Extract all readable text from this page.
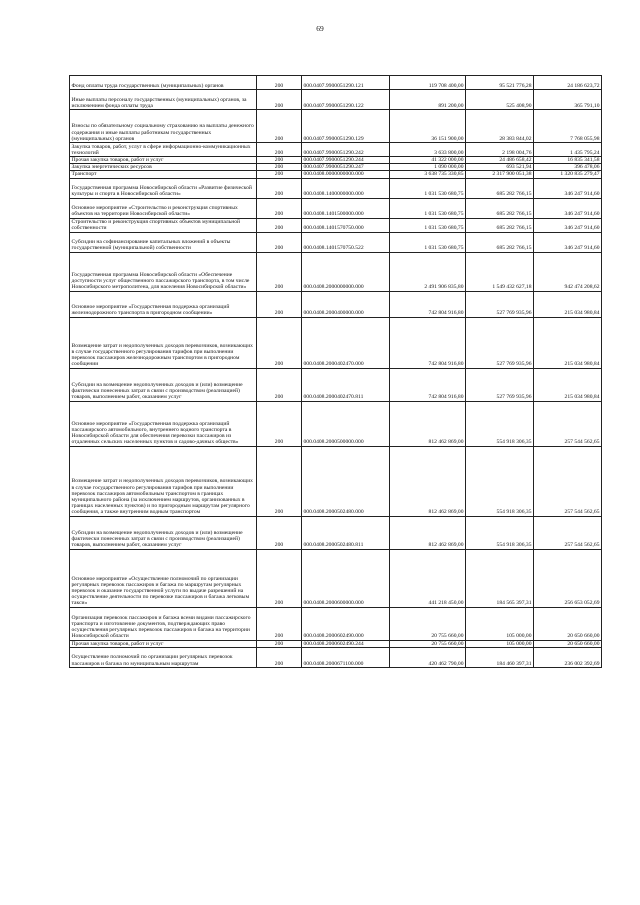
69
Фонд оплаты труда государственных (муниципальных) органов	200	000.0407.9900051290.121	119 708 400,00	95 521 776,28	24 186 623,72
Иные выплаты персоналу государственных (муниципальных) органов, за исключением фонда оплаты труда	200	000.0407.9900051290.122	891 200,00	525 408,90	365 791,10
Взносы по обязательному социальному страхованию на выплаты денежного содержания и иные выплаты работникам государственных (муниципальных) органов	200	000.0407.9900051290.129	36 151 900,00	28 383 844,02	7 768 055,98
Закупка товаров, работ, услуг в сфере информационно-коммуникационных технологий	200	000.0407.9900051290.242	3 633 800,00	2 198 004,76	1 435 795,24
Прочая закупка товаров, работ и услуг	200	000.0407.9900051290.244	41 322 000,00	24 486 658,42	16 835 341,58
Закупка энергетических ресурсов	200	000.0407.9900051290.247	1 090 000,00	693 521,94	396 478,06
Транспорт	200	000.0408.0000000000.000	3 638 735 330,85	2 317 900 051,38	1 320 835 279,47
Государственная программа Новосибирской области «Развитие физической культуры и спорта в Новосибирской области»	200	000.0408.1400000000.000	1 031 530 680,75	685 282 766,15	346 247 914,60
Основное мероприятие «Строительство и реконструкция спортивных объектов на территории Новосибирской области»	200	000.0408.1401500000.000	1 031 530 680,75	685 282 766,15	346 247 914,60
Строительство и реконструкция спортивных объектов муниципальной собственности	200	000.0408.1401570750.000	1 031 530 680,75	685 282 766,15	346 247 914,60
Субсидии на софинансирование капитальных вложений в объекты государственной (муниципальной) собственности	200	000.0408.1401570750.522	1 031 530 680,75	685 282 766,15	346 247 914,60
Государственная программа Новосибирской области «Обеспечение доступности услуг общественного пассажирского транспорта, в том числе Новосибирского метрополитена, для населения Новосибирской области»	200	000.0408.2000000000.000	2 491 906 835,80	1 549 432 627,18	942 474 208,62
Основное мероприятие «Государственная поддержка организаций железнодорожного транспорта в пригородном сообщении»	200	000.0408.2000400000.000	742 804 916,80	527 769 935,96	215 034 980,84
Возмещение затрат и недополученных доходов перевозчиков, возникающих в случае государственного регулирования тарифов при выполнении перевозок пассажиров железнодорожным транспортом в пригородном сообщении	200	000.0408.2000402470.000	742 804 916,80	527 769 935,96	215 034 980,84
Субсидии на возмещение недополученных доходов и (или) возмещение фактически понесенных затрат в связи с производством (реализацией) товаров, выполнением работ, оказанием услуг	200	000.0408.2000402470.811	742 804 916,80	527 769 935,96	215 034 980,84
Основное мероприятие «Государственная поддержка организаций пассажирского автомобильного, внутреннего водного транспорта в Новосибирской области для обеспечения перевозки пассажиров из отдаленных сельских населенных пунктов и садово-дачных обществ»	200	000.0408.2000500000.000	812 462 869,00	554 918 306,35	257 544 562,65
Возмещение затрат и недополученных доходов перевозчиков, возникающих в случае государственного регулирования тарифов при выполнении перевозок пассажиров автомобильным транспортом в границах муниципального района (за исключением маршрутов, организованных в границах населенных пунктов) и по пригородным маршрутам регулярного сообщения, а также внутренним водным транспортом	200	000.0408.2000502480.000	812 462 869,00	554 918 306,35	257 544 562,65
Субсидии на возмещение недополученных доходов и (или) возмещение фактически понесенных затрат в связи с производством (реализацией) товаров, выполнением работ, оказанием услуг	200	000.0408.2000502480.811	812 462 869,00	554 918 306,35	257 544 562,65
Основное мероприятие «Осуществление полномочий по организации регулярных перевозок пассажиров и багажа по маршрутам регулярных перевозок и оказание государственной услуги по выдаче разрешений на осуществление деятельности по перевозке пассажиров и багажа легковым такси»	200	000.0408.2000600000.000	441 218 450,00	184 565 397,31	256 653 052,69
Организация перевозок пассажиров и багажа всеми видами пассажирского транспорта и изготовление документов, подтверждающих право осуществления регулярных перевозок пассажиров и багажа на территории Новосибирской области	200	000.0408.2000602490.000	20 755 660,00	105 000,00	20 650 660,00
Прочая закупка товаров, работ и услуг	200	000.0408.2000602490.244	20 755 660,00	105 000,00	20 650 660,00
Осуществление полномочий по организации регулярных перевозок пассажиров и багажа по муниципальным маршрутам	200	000.0408.2000671100.000	420 462 790,00	184 460 397,31	236 002 392,69
